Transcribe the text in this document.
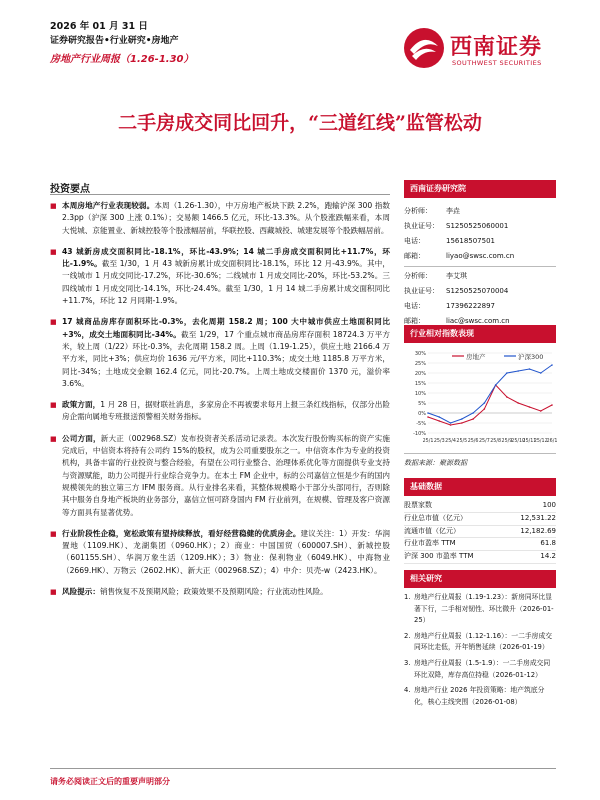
2026 年 01 月 31 日
证券研究报告•行业研究•房地产
房地产行业周报（1.26-1.30）	西南证券
SOUTHWEST SECURITIES
二手房成交同比回升，“三道红线”监管松动
投资要点
■ 本周房地产行业表现较弱。本周（1.26-1.30），中万房地产板块下跌 2.2%，跑输沪深 300 指数 2.3pp（沪深 300 上涨 0.1%）；交易额 1466.5 亿元，环比-13.3%。从个股涨跌幅来看，本周大悦城、京能置业、新城控股等个股涨幅居前，华联控股、西藏城投、城建发展等个股跌幅居前。
■ 43 城新房成交面积同比-18.1%，环比-43.9%；14 城二手房成交面积同比+11.7%，环比-1.9%。截至 1/30，1 月 43 城新房累计成交面积同比-18.1%，环比 12 月-43.9%。其中，一线城市 1 月成交同比-17.2%，环比-30.6%；二线城市 1 月成交同比-20%，环比-53.2%。三四线城市 1 月成交同比-14.1%，环比-24.4%。截至 1/30，1 月 14 城二手房累计成交面积同比+11.7%，环比 12 月同期-1.9%。
■ 17 城商品房库存面积环比-0.3%，去化周期 158.2 周；100 大中城市供应土地面积同比+3%，成交土地面积同比-34%。截至 1/29，17 个重点城市商品房库存面积 18724.3 万平方米，较上周（1/22）环比-0.3%，去化周期 158.2 周。上周（1.19-1.25），供应土地 2166.4 万平方米，同比+3%；供应均价 1636 元/平方米，同比+110.3%；成交土地 1185.8 万平方米，同比-34%；土地成交金额 162.4 亿元，同比-20.7%。上周土地成交楼面价 1370 元，溢价率 3.6%。
■ 政策方面，1 月 28 日，据财联社消息，多家房企不再被要求每月上报三条红线指标，仅部分出险房企需向属地专班报送预警相关财务指标。
■ 公司方面，新大正（002968.SZ）发布投资者关系活动记录表。本次发行股份购买标的资产实施完成后，中信资本将持有公司约 15%的股权，成为公司重要股东之一。中信资本作为专业的投资机构，具备丰富的行业投资与整合经验，有望在公司行业整合、治理体系优化等方面提供专业支持与资源赋能，助力公司提升行业综合竞争力。在本土 FM 企业中，标的公司嘉信立恒是少有的国内规模领先的独立第三方 IFM 服务商。从行业排名来看，其整体规模略小于部分头部同行，否则除其中服务自身地产板块的业务部分，嘉信立恒可跻身国内 FM 行业前列，在规模、管理及客户资源等方面具有显著优势。
■ 行业阶段性企稳，宽松政策有望持续释放，看好经营稳健的优质房企。建议关注：1）开发：华润置地（1109.HK）、龙湖集团（0960.HK）；2）商业：中国国贸（600007.SH）、新城控股（601155.SH）、华润万象生活（1209.HK）；3）物业：保利物业（6049.HK）、中海物业（2669.HK）、万物云（2602.HK）、新大正（002968.SZ）；4）中介：贝壳-w（2423.HK）。
■ 风险提示：销售恢复不及预期风险；政策效果不及预期风险；行业流动性风险。
西南证券研究院
分析师：	李垚
执业证号：	S1250525060001
电话：	15618507501
邮箱：	liyao@swsc.com.cn
分析师：	李艾琪
执业证号：	S1250525070004
电话：	17396222897
邮箱：	liac@swsc.com.cn
行业相对指数表现
30%
25%
20%
15%
10%
5%
0%
-5%
-10%
25/1 25/3 25/4 25/5 25/6 25/7 25/8 25/9
25/10
25/11
25/12
26/1
房地产	沪深300
数据来源：聚源数据
基础数据
股票家数	100
行业总市值（亿元）	12,531.22
流通市值（亿元）	12,182.69
行业市盈率 TTM	61.8
沪深 300 市盈率 TTM	14.2
相关研究
1. 房地产行业周报（1.19-1.23）：新房同环比显著下行，二手相对韧性、环比微升（2026-01-25）
2. 房地产行业周报（1.12-1.16）：一二手房成交同环比走低，开年销售延续（2026-01-19）
3. 房地产行业周报（1.5-1.9）：一二手房成交同环比双降，库存高位持稳（2026-01-12）
4. 房地产行业 2026 年投资策略：地产筑底分化，核心主线突围（2026-01-08）
请务必阅读正文后的重要声明部分
